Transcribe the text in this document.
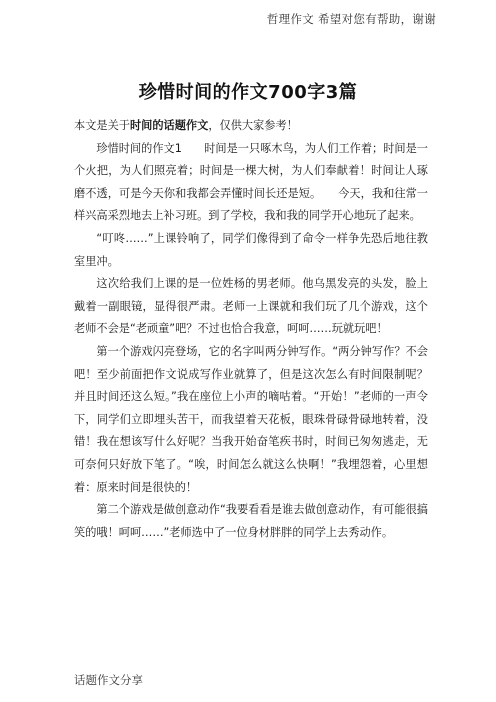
哲理作文 希望对您有帮助，谢谢
珍惜时间的作文700字3篇

本文是关于时间的话题作文，仅供大家参考！

珍惜时间的作文1　　时间是一只啄木鸟，为人们工作着；时间是一个火把，为人们照亮着；时间是一棵大树，为人们奉献着！时间让人琢磨不透，可是今天你和我都会弄懂时间长还是短。　　今天，我和往常一样兴高采烈地去上补习班。到了学校，我和我的同学开心地玩了起来。

“叮咚……”上课铃响了，同学们像得到了命令一样争先恐后地往教室里冲。

这次给我们上课的是一位姓杨的男老师。他乌黑发亮的头发，脸上戴着一副眼镜，显得很严肃。老师一上课就和我们玩了几个游戏，这个老师不会是“老顽童”吧？不过也恰合我意，呵呵……玩就玩吧！

第一个游戏闪亮登场，它的名字叫两分钟写作。“两分钟写作？不会吧！至少前面把作文说成写作业就算了，但是这次怎么有时间限制呢？并且时间还这么短。”我在座位上小声的嘀咕着。“开始！”老师的一声令下，同学们立即埋头苦干，而我望着天花板，眼珠骨碌骨碌地转着，没错！我在想该写什么好呢？当我开始奋笔疾书时，时间已匆匆逃走，无可奈何只好放下笔了。“唉，时间怎么就这么快啊！”我埋怨着，心里想着：原来时间是很快的！

第二个游戏是做创意动作“我要看看是谁去做创意动作，有可能很搞笑的哦！呵呵……”老师选中了一位身材胖胖的同学上去秀动作。

话题作文分享
